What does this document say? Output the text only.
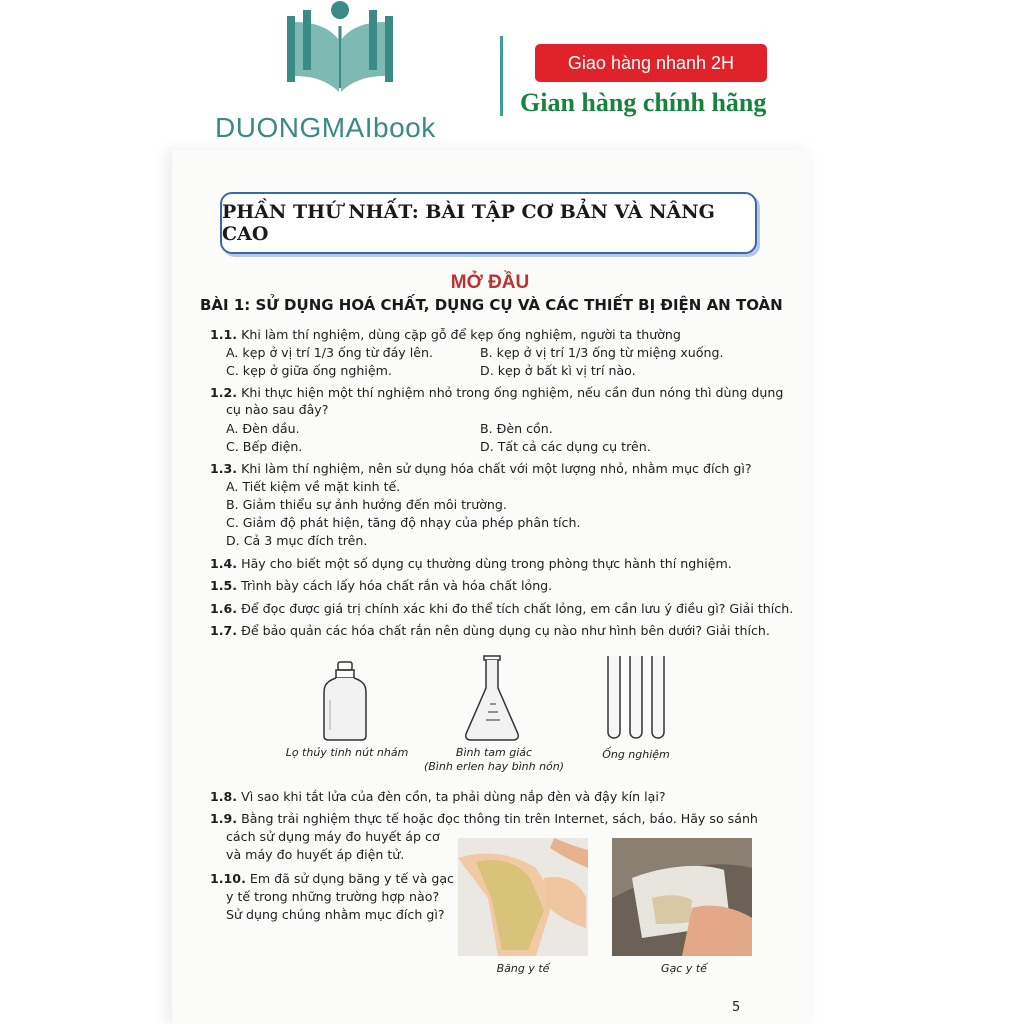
DUONGMAIbook
Giao hàng nhanh 2H
Gian hàng chính hãng
PHẦN THỨ NHẤT: BÀI TẬP CƠ BẢN VÀ NÂNG CAO
MỞ ĐẦU
BÀI 1: SỬ DỤNG HOÁ CHẤT, DỤNG CỤ VÀ CÁC THIẾT BỊ ĐIỆN AN TOÀN
1.1. Khi làm thí nghiệm, dùng cặp gỗ để kẹp ống nghiệm, người ta thường
A. kẹp ở vị trí 1/3 ống từ đáy lên.	B. kẹp ở vị trí 1/3 ống từ miệng xuống.
C. kẹp ở giữa ống nghiệm.	D. kẹp ở bất kì vị trí nào.
1.2. Khi thực hiện một thí nghiệm nhỏ trong ống nghiệm, nếu cần đun nóng thì dùng dụng
cụ nào sau đây?
A. Đèn dầu.	B. Đèn cồn.
C. Bếp điện.	D. Tất cả các dụng cụ trên.
1.3. Khi làm thí nghiệm, nên sử dụng hóa chất với một lượng nhỏ, nhằm mục đích gì?
A. Tiết kiệm về mặt kinh tế.
B. Giảm thiểu sự ảnh hưởng đến môi trường.
C. Giảm độ phát hiện, tăng độ nhạy của phép phân tích.
D. Cả 3 mục đích trên.
1.4. Hãy cho biết một số dụng cụ thường dùng trong phòng thực hành thí nghiệm.
1.5. Trình bày cách lấy hóa chất rắn và hóa chất lỏng.
1.6. Để đọc được giá trị chính xác khi đo thể tích chất lỏng, em cần lưu ý điều gì? Giải thích.
1.7. Để bảo quản các hóa chất rắn nên dùng dụng cụ nào như hình bên dưới? Giải thích.
Lọ thủy tinh nút nhám	Bình tam giác
(Bình erlen hay bình nón)
Ống nghiệm
1.8. Vì sao khi tắt lửa của đèn cồn, ta phải dùng nắp đèn và đậy kín lại?
1.9. Bằng trải nghiệm thực tế hoặc đọc thông tin trên Internet, sách, báo. Hãy so sánh
cách sử dụng máy đo huyết áp cơ
và máy đo huyết áp điện tử.
1.10. Em đã sử dụng băng y tế và gạc
y tế trong những trường hợp nào?
Sử dụng chúng nhằm mục đích gì?
Băng y tế	Gạc y tế
5
